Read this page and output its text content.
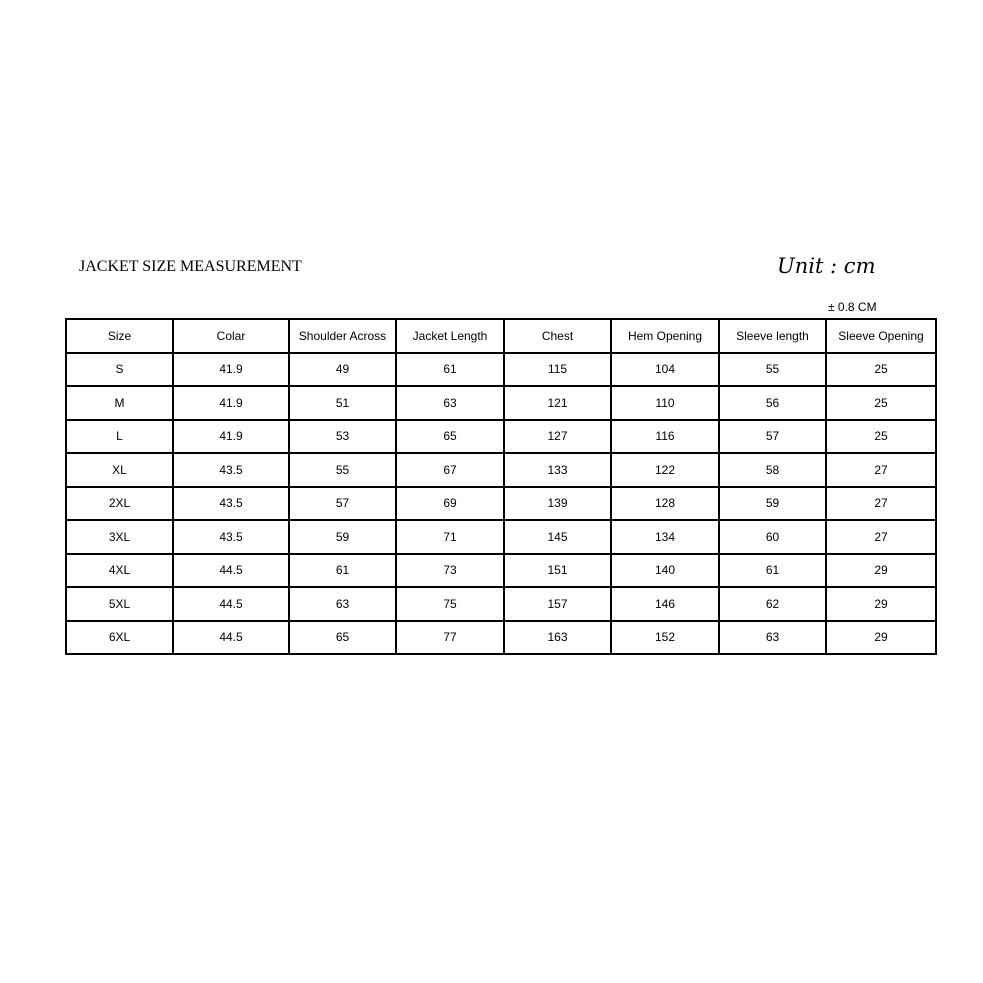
JACKET SIZE MEASUREMENT	Unit : cm
± 0.8 CM
Size	Colar	Shoulder Across	Jacket Length	Chest	Hem Opening	Sleeve length	Sleeve Opening
S	41.9	49	61	115	104	55	25
M	41.9	51	63	121	110	56	25
L	41.9	53	65	127	116	57	25
XL	43.5	55	67	133	122	58	27
2XL	43.5	57	69	139	128	59	27
3XL	43.5	59	71	145	134	60	27
4XL	44.5	61	73	151	140	61	29
5XL	44.5	63	75	157	146	62	29
6XL	44.5	65	77	163	152	63	29
